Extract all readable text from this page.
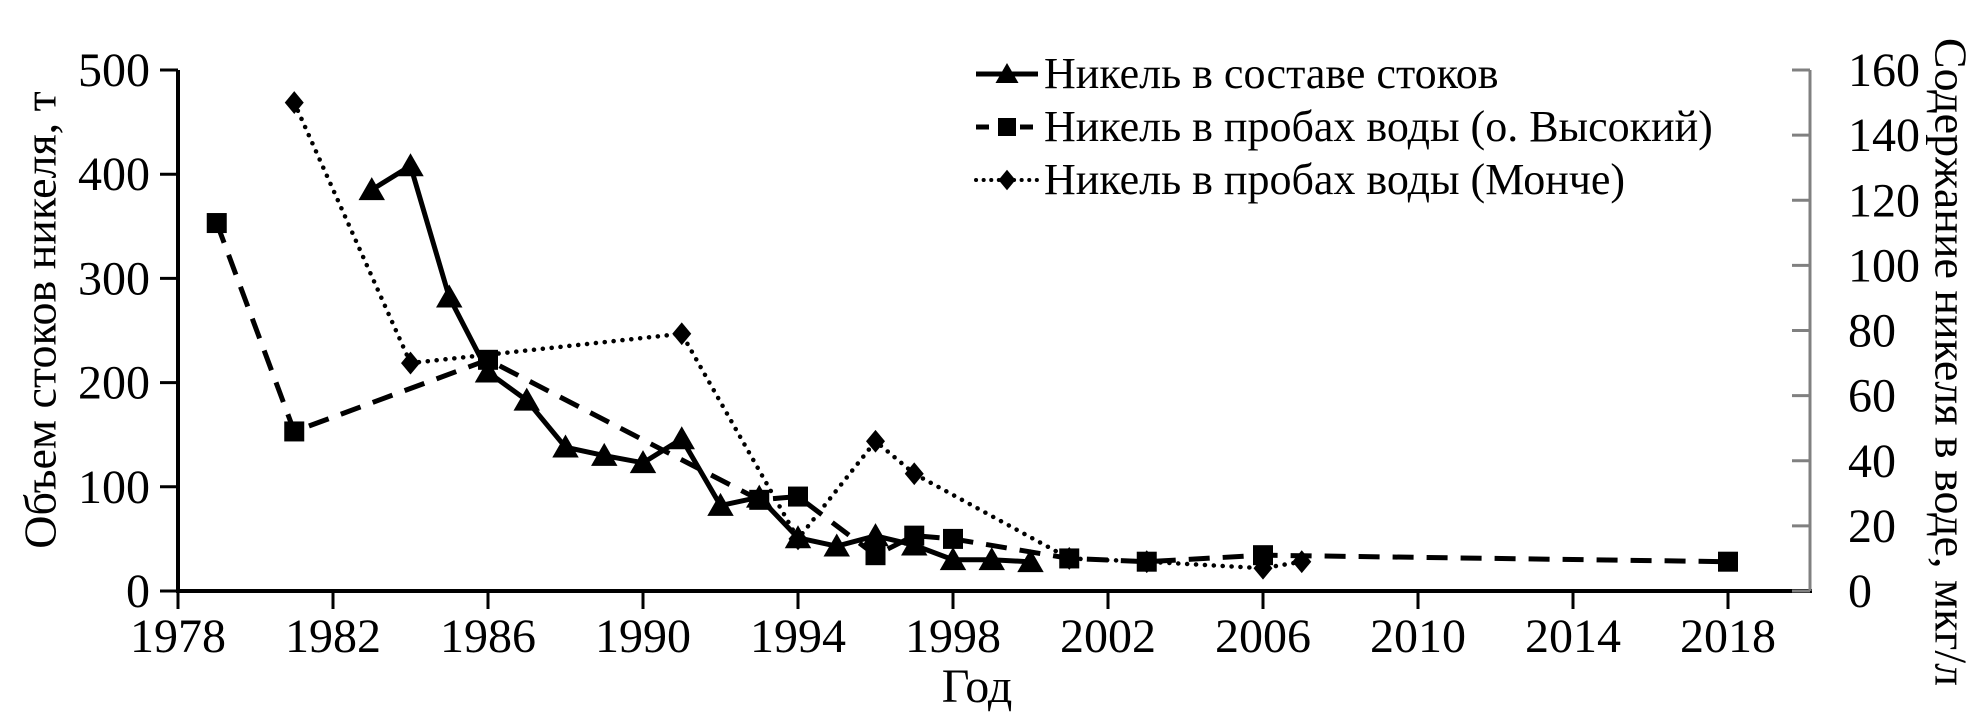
0
100
200
300
400
500
0
20
40
60
80
100
120
140
160
1978 1982 1986 1990 1994 1998 2002 2006 2010 2014 2018
Объем стоков никеля, т	Содержание никеля в воде, мкг/л
Год
Никель в составе стоков
Никель в пробах воды (о. Высокий)
Никель в пробах воды (Монче)
